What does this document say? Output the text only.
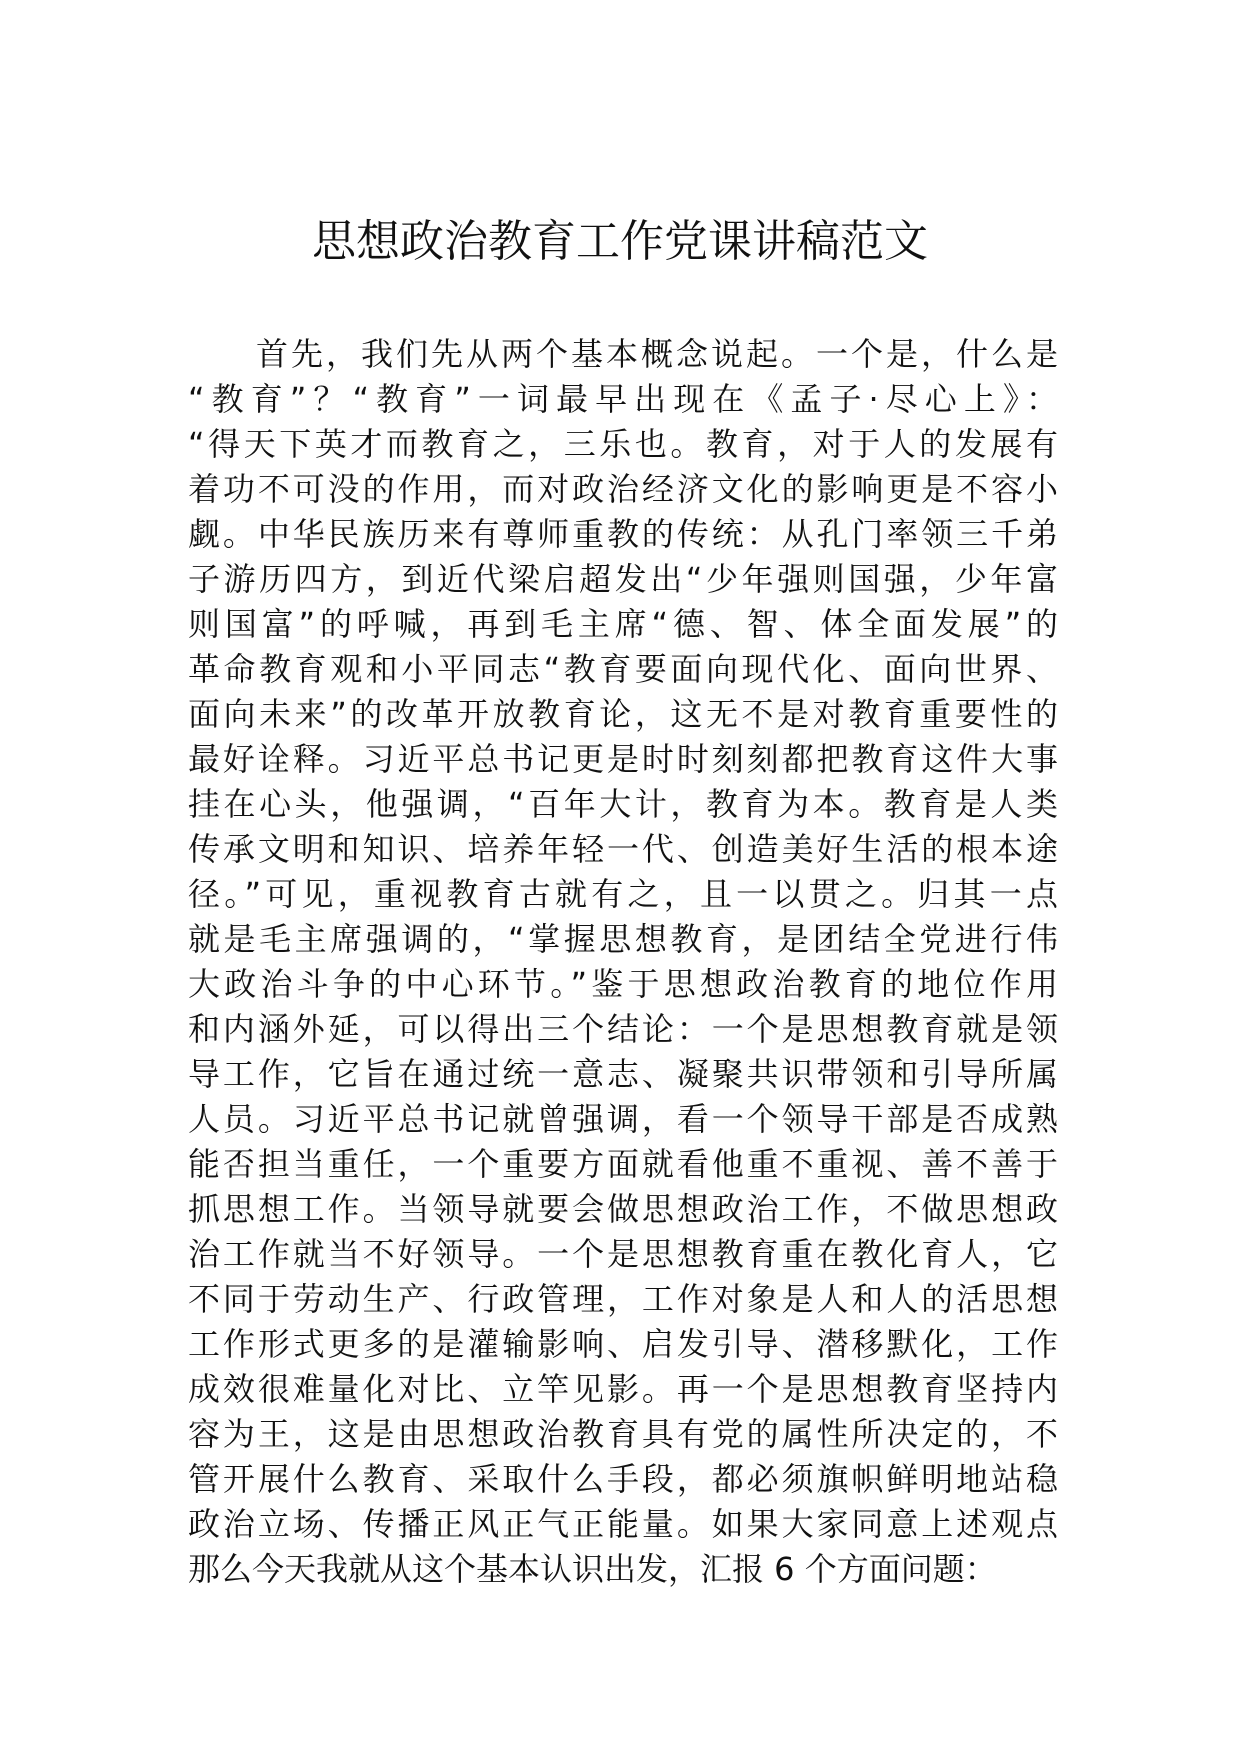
思想政治教育工作党课讲稿范文
首先，我们先从两个基本概念说起。一个是，什么是
“教育”？“教育”一词最早出现在《孟子·尽心上》：
“得天下英才而教育之，三乐也。教育，对于人的发展有
着功不可没的作用，而对政治经济文化的影响更是不容小
觑。中华民族历来有尊师重教的传统：从孔门率领三千弟
子游历四方，到近代梁启超发出“少年强则国强，少年富
则国富”的呼喊，再到毛主席“德、智、体全面发展”的
革命教育观和小平同志“教育要面向现代化、面向世界、
面向未来”的改革开放教育论，这无不是对教育重要性的
最好诠释。习近平总书记更是时时刻刻都把教育这件大事
挂在心头，他强调，“百年大计，教育为本。教育是人类
传承文明和知识、培养年轻一代、创造美好生活的根本途
径。”可见，重视教育古就有之，且一以贯之。归其一点
就是毛主席强调的，“掌握思想教育，是团结全党进行伟
大政治斗争的中心环节。”鉴于思想政治教育的地位作用
和内涵外延，可以得出三个结论：一个是思想教育就是领
导工作，它旨在通过统一意志、凝聚共识带领和引导所属
人员。习近平总书记就曾强调，看一个领导干部是否成熟
能否担当重任，一个重要方面就看他重不重视、善不善于
抓思想工作。当领导就要会做思想政治工作，不做思想政
治工作就当不好领导。一个是思想教育重在教化育人，它
不同于劳动生产、行政管理，工作对象是人和人的活思想
工作形式更多的是灌输影响、启发引导、潜移默化，工作
成效很难量化对比、立竿见影。再一个是思想教育坚持内
容为王，这是由思想政治教育具有党的属性所决定的，不
管开展什么教育、采取什么手段，都必须旗帜鲜明地站稳
政治立场、传播正风正气正能量。如果大家同意上述观点
那么今天我就从这个基本认识出发，汇报 6 个方面问题：
